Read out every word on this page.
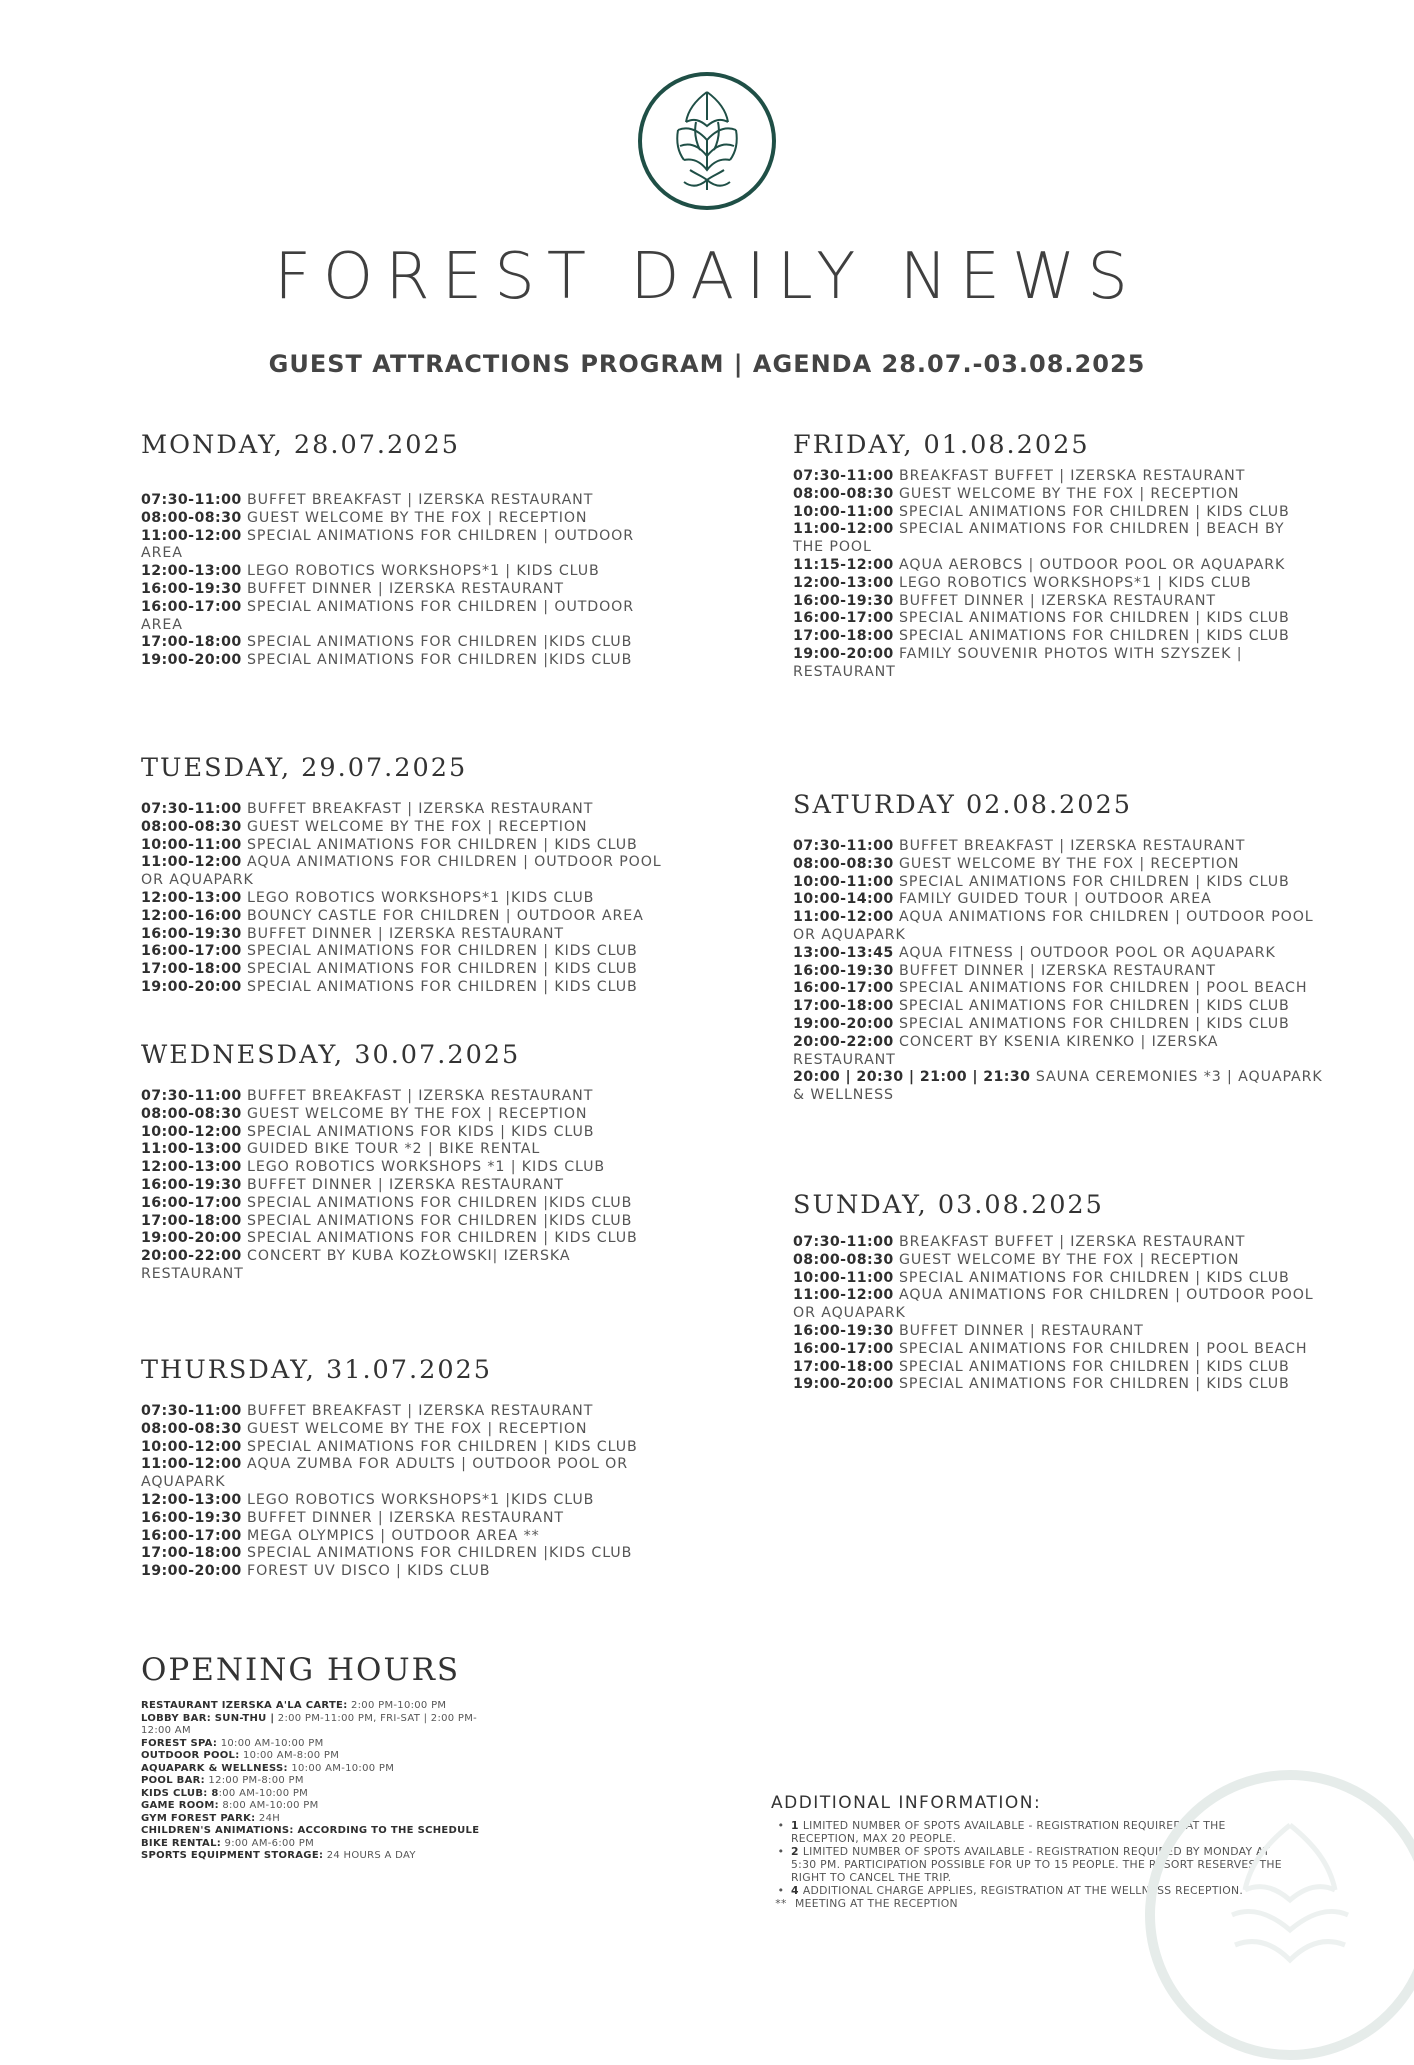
FOREST DAILY NEWS
GUEST ATTRACTIONS PROGRAM | AGENDA 28.07.-03.08.2025
MONDAY, 28.07.2025
07:30-11:00 BUFFET BREAKFAST | IZERSKA RESTAURANT
08:00-08:30 GUEST WELCOME BY THE FOX | RECEPTION
11:00-12:00 SPECIAL ANIMATIONS FOR CHILDREN | OUTDOOR AREA
12:00-13:00 LEGO ROBOTICS WORKSHOPS*1 | KIDS CLUB
16:00-19:30 BUFFET DINNER | IZERSKA RESTAURANT
16:00-17:00 SPECIAL ANIMATIONS FOR CHILDREN | OUTDOOR AREA
17:00-18:00 SPECIAL ANIMATIONS FOR CHILDREN |KIDS CLUB
19:00-20:00 SPECIAL ANIMATIONS FOR CHILDREN |KIDS CLUB
TUESDAY, 29.07.2025
07:30-11:00 BUFFET BREAKFAST | IZERSKA RESTAURANT
08:00-08:30 GUEST WELCOME BY THE FOX | RECEPTION
10:00-11:00 SPECIAL ANIMATIONS FOR CHILDREN | KIDS CLUB
11:00-12:00 AQUA ANIMATIONS FOR CHILDREN | OUTDOOR POOL OR AQUAPARK
12:00-13:00 LEGO ROBOTICS WORKSHOPS*1 |KIDS CLUB
12:00-16:00 BOUNCY CASTLE FOR CHILDREN | OUTDOOR AREA
16:00-19:30 BUFFET DINNER | IZERSKA RESTAURANT
16:00-17:00 SPECIAL ANIMATIONS FOR CHILDREN | KIDS CLUB
17:00-18:00 SPECIAL ANIMATIONS FOR CHILDREN | KIDS CLUB
19:00-20:00 SPECIAL ANIMATIONS FOR CHILDREN | KIDS CLUB
WEDNESDAY, 30.07.2025
07:30-11:00 BUFFET BREAKFAST | IZERSKA RESTAURANT
08:00-08:30 GUEST WELCOME BY THE FOX | RECEPTION
10:00-12:00 SPECIAL ANIMATIONS FOR KIDS | KIDS CLUB
11:00-13:00 GUIDED BIKE TOUR *2 | BIKE RENTAL
12:00-13:00 LEGO ROBOTICS WORKSHOPS *1 | KIDS CLUB
16:00-19:30 BUFFET DINNER | IZERSKA RESTAURANT
16:00-17:00 SPECIAL ANIMATIONS FOR CHILDREN |KIDS CLUB
17:00-18:00 SPECIAL ANIMATIONS FOR CHILDREN |KIDS CLUB
19:00-20:00 SPECIAL ANIMATIONS FOR CHILDREN | KIDS CLUB
20:00-22:00 CONCERT BY KUBA KOZŁOWSKI| IZERSKA RESTAURANT
THURSDAY, 31.07.2025
07:30-11:00 BUFFET BREAKFAST | IZERSKA RESTAURANT
08:00-08:30 GUEST WELCOME BY THE FOX | RECEPTION
10:00-12:00 SPECIAL ANIMATIONS FOR CHILDREN | KIDS CLUB
11:00-12:00 AQUA ZUMBA FOR ADULTS | OUTDOOR POOL OR AQUAPARK
12:00-13:00 LEGO ROBOTICS WORKSHOPS*1 |KIDS CLUB
16:00-19:30 BUFFET DINNER | IZERSKA RESTAURANT
16:00-17:00 MEGA OLYMPICS | OUTDOOR AREA **
17:00-18:00 SPECIAL ANIMATIONS FOR CHILDREN |KIDS CLUB
19:00-20:00 FOREST UV DISCO | KIDS CLUB
FRIDAY, 01.08.2025
07:30-11:00 BREAKFAST BUFFET | IZERSKA RESTAURANT
08:00-08:30 GUEST WELCOME BY THE FOX | RECEPTION
10:00-11:00 SPECIAL ANIMATIONS FOR CHILDREN | KIDS CLUB
11:00-12:00 SPECIAL ANIMATIONS FOR CHILDREN | BEACH BY THE POOL
11:15-12:00 AQUA AEROBCS | OUTDOOR POOL OR AQUAPARK
12:00-13:00 LEGO ROBOTICS WORKSHOPS*1 | KIDS CLUB
16:00-19:30 BUFFET DINNER | IZERSKA RESTAURANT
16:00-17:00 SPECIAL ANIMATIONS FOR CHILDREN | KIDS CLUB
17:00-18:00 SPECIAL ANIMATIONS FOR CHILDREN | KIDS CLUB
19:00-20:00 FAMILY SOUVENIR PHOTOS WITH SZYSZEK | RESTAURANT
SATURDAY 02.08.2025
07:30-11:00 BUFFET BREAKFAST | IZERSKA RESTAURANT
08:00-08:30 GUEST WELCOME BY THE FOX | RECEPTION
10:00-11:00 SPECIAL ANIMATIONS FOR CHILDREN | KIDS CLUB
10:00-14:00 FAMILY GUIDED TOUR | OUTDOOR AREA
11:00-12:00 AQUA ANIMATIONS FOR CHILDREN | OUTDOOR POOL OR AQUAPARK
13:00-13:45 AQUA FITNESS | OUTDOOR POOL OR AQUAPARK
16:00-19:30 BUFFET DINNER | IZERSKA RESTAURANT
16:00-17:00 SPECIAL ANIMATIONS FOR CHILDREN | POOL BEACH
17:00-18:00 SPECIAL ANIMATIONS FOR CHILDREN | KIDS CLUB
19:00-20:00 SPECIAL ANIMATIONS FOR CHILDREN | KIDS CLUB
20:00-22:00 CONCERT BY KSENIA KIRENKO | IZERSKA RESTAURANT
20:00 | 20:30 | 21:00 | 21:30 SAUNA CEREMONIES *3 | AQUAPARK & WELLNESS
SUNDAY, 03.08.2025
07:30-11:00 BREAKFAST BUFFET | IZERSKA RESTAURANT
08:00-08:30 GUEST WELCOME BY THE FOX | RECEPTION
10:00-11:00 SPECIAL ANIMATIONS FOR CHILDREN | KIDS CLUB
11:00-12:00 AQUA ANIMATIONS FOR CHILDREN | OUTDOOR POOL OR AQUAPARK
16:00-19:30 BUFFET DINNER | RESTAURANT
16:00-17:00 SPECIAL ANIMATIONS FOR CHILDREN | POOL BEACH
17:00-18:00 SPECIAL ANIMATIONS FOR CHILDREN | KIDS CLUB
19:00-20:00 SPECIAL ANIMATIONS FOR CHILDREN | KIDS CLUB
OPENING HOURS

RESTAURANT IZERSKA A'LA CARTE: 2:00 PM-10:00 PM

LOBBY BAR: SUN-THU | 2:00 PM-11:00 PM, FRI-SAT | 2:00 PM-12:00 AM

FOREST SPA: 10:00 AM-10:00 PM

OUTDOOR POOL: 10:00 AM-8:00 PM

AQUAPARK & WELLNESS: 10:00 AM-10:00 PM

POOL BAR: 12:00 PM-8:00 PM

KIDS CLUB: 8:00 AM-10:00 PM

GAME ROOM: 8:00 AM-10:00 PM

GYM FOREST PARK: 24H

CHILDREN'S ANIMATIONS: ACCORDING TO THE SCHEDULE

BIKE RENTAL: 9:00 AM-6:00 PM

SPORTS EQUIPMENT STORAGE: 24 HOURS A DAY

ADDITIONAL INFORMATION:
• 1 LIMITED NUMBER OF SPOTS AVAILABLE - REGISTRATION REQUIRED AT THE RECEPTION, MAX 20 PEOPLE.
• 2 LIMITED NUMBER OF SPOTS AVAILABLE - REGISTRATION REQUIRED BY MONDAY AT 5:30 PM. PARTICIPATION POSSIBLE FOR UP TO 15 PEOPLE. THE RESORT RESERVES THE RIGHT TO CANCEL THE TRIP.
• 4 ADDITIONAL CHARGE APPLIES, REGISTRATION AT THE WELLNESS RECEPTION.
** MEETING AT THE RECEPTION
